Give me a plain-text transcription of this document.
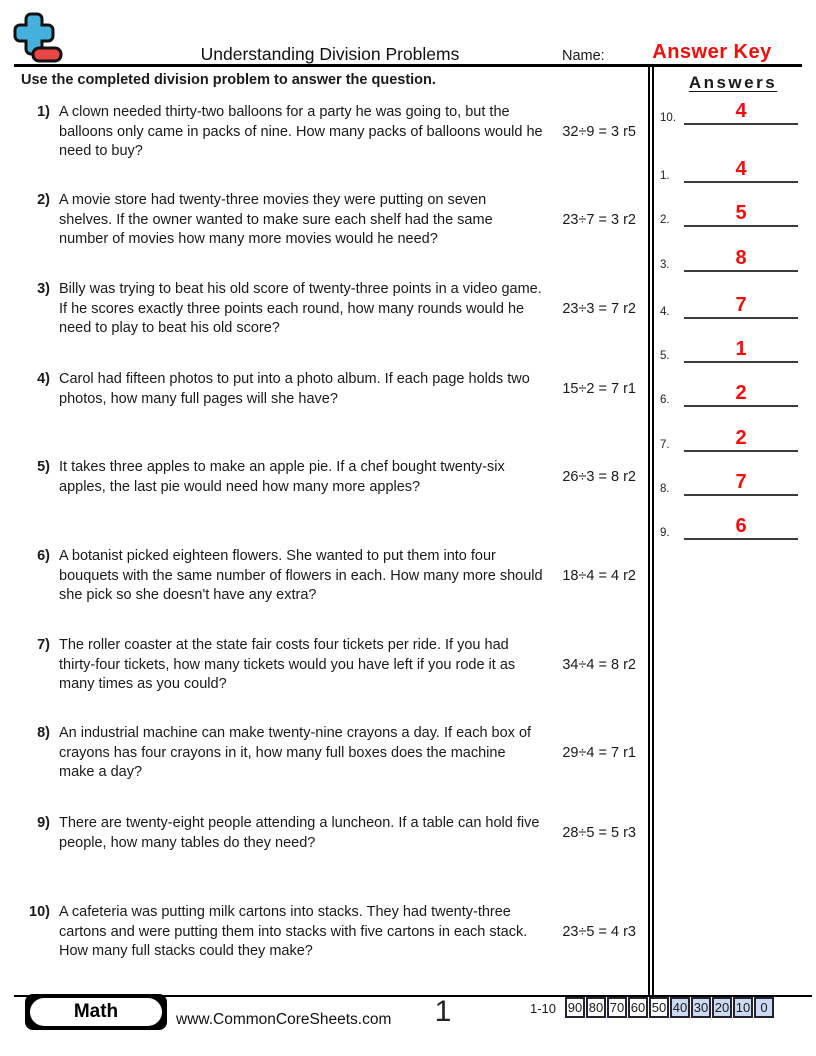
Understanding Division Problems	Name:	Answer Key
Use the completed division problem to answer the question.
1) A clown needed thirty-two balloons for a party he was going to, but the balloons only came in packs of nine. How many packs of balloons would he need to buy?
32÷9 = 3 r5
2) A movie store had twenty-three movies they were putting on seven shelves. If the owner wanted to make sure each shelf had the same number of movies how many more movies would he need?
23÷7 = 3 r2
3) Billy was trying to beat his old score of twenty-three points in a video game. If he scores exactly three points each round, how many rounds would he need to play to beat his old score?
23÷3 = 7 r2
4) Carol had fifteen photos to put into a photo album. If each page holds two photos, how many full pages will she have?
15÷2 = 7 r1
5) It takes three apples to make an apple pie. If a chef bought twenty-six apples, the last pie would need how many more apples?
26÷3 = 8 r2
6) A botanist picked eighteen flowers. She wanted to put them into four bouquets with the same number of flowers in each. How many more should she pick so she doesn't have any extra?
18÷4 = 4 r2
7) The roller coaster at the state fair costs four tickets per ride. If you had thirty-four tickets, how many tickets would you have left if you rode it as many times as you could?
34÷4 = 8 r2
8) An industrial machine can make twenty-nine crayons a day. If each box of crayons has four crayons in it, how many full boxes does the machine make a day?
29÷4 = 7 r1
9) There are twenty-eight people attending a luncheon. If a table can hold five people, how many tables do they need?
28÷5 = 5 r3
10) A cafeteria was putting milk cartons into stacks. They had twenty-three cartons and were putting them into stacks with five cartons in each stack. How many full stacks could they make?
23÷5 = 4 r3
Answers
1.	4
2.	5
3.	8
4.	7
5.	1
6.	2
7.	2
8.	7
9.	6
10.	4
Math	www.CommonCoreSheets.com 1	1-10 90 80 70 60 50 40 30 20 10 0
